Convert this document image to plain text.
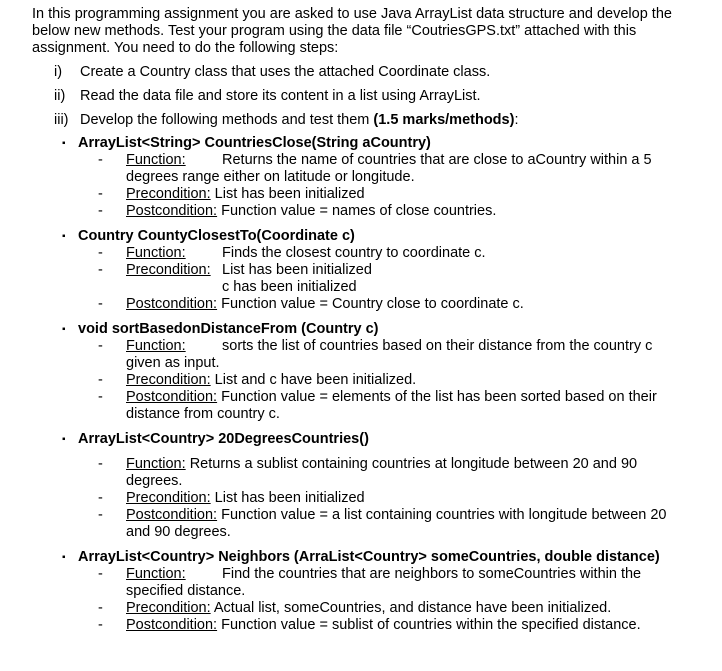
In this programming assignment you are asked to use Java ArrayList data structure and develop the below new methods. Test your program using the data file “CoutriesGPS.txt” attached with this assignment. You need to do the following steps:

i)	Create a Country class that uses the attached Coordinate class.
ii)	Read the data file and store its content in a list using ArrayList.
iii) Develop the following methods and test them (1.5 marks/methods):
▪ ArrayList<String> CountriesClose(String aCountry)
-	Function:	Returns the name of countries that are close to aCountry within a 5 degrees range either on latitude or longitude.
-	Precondition: List has been initialized
-	Postcondition: Function value = names of close countries.
▪ Country CountyClosestTo(Coordinate c)
-	Function:	Finds the closest country to coordinate c.
-	Precondition: List has been initialized
c has been initialized
-	Postcondition: Function value = Country close to coordinate c.
▪ void sortBasedonDistanceFrom (Country c)
-	Function:	sorts the list of countries based on their distance from the country c given as input.
-	Precondition: List and c have been initialized.
-	Postcondition: Function value = elements of the list has been sorted based on their distance from country c.
▪ ArrayList<Country> 20DegreesCountries()
-	Function: Returns a sublist containing countries at longitude between 20 and 90 degrees.
-	Precondition: List has been initialized
-	Postcondition: Function value = a list containing countries with longitude between 20 and 90 degrees.
▪ ArrayList<Country> Neighbors (ArraList<Country> someCountries, double distance)
-	Function:	Find the countries that are neighbors to someCountries within the specified distance.
-	Precondition: Actual list, someCountries, and distance have been initialized.
-	Postcondition: Function value = sublist of countries within the specified distance.
